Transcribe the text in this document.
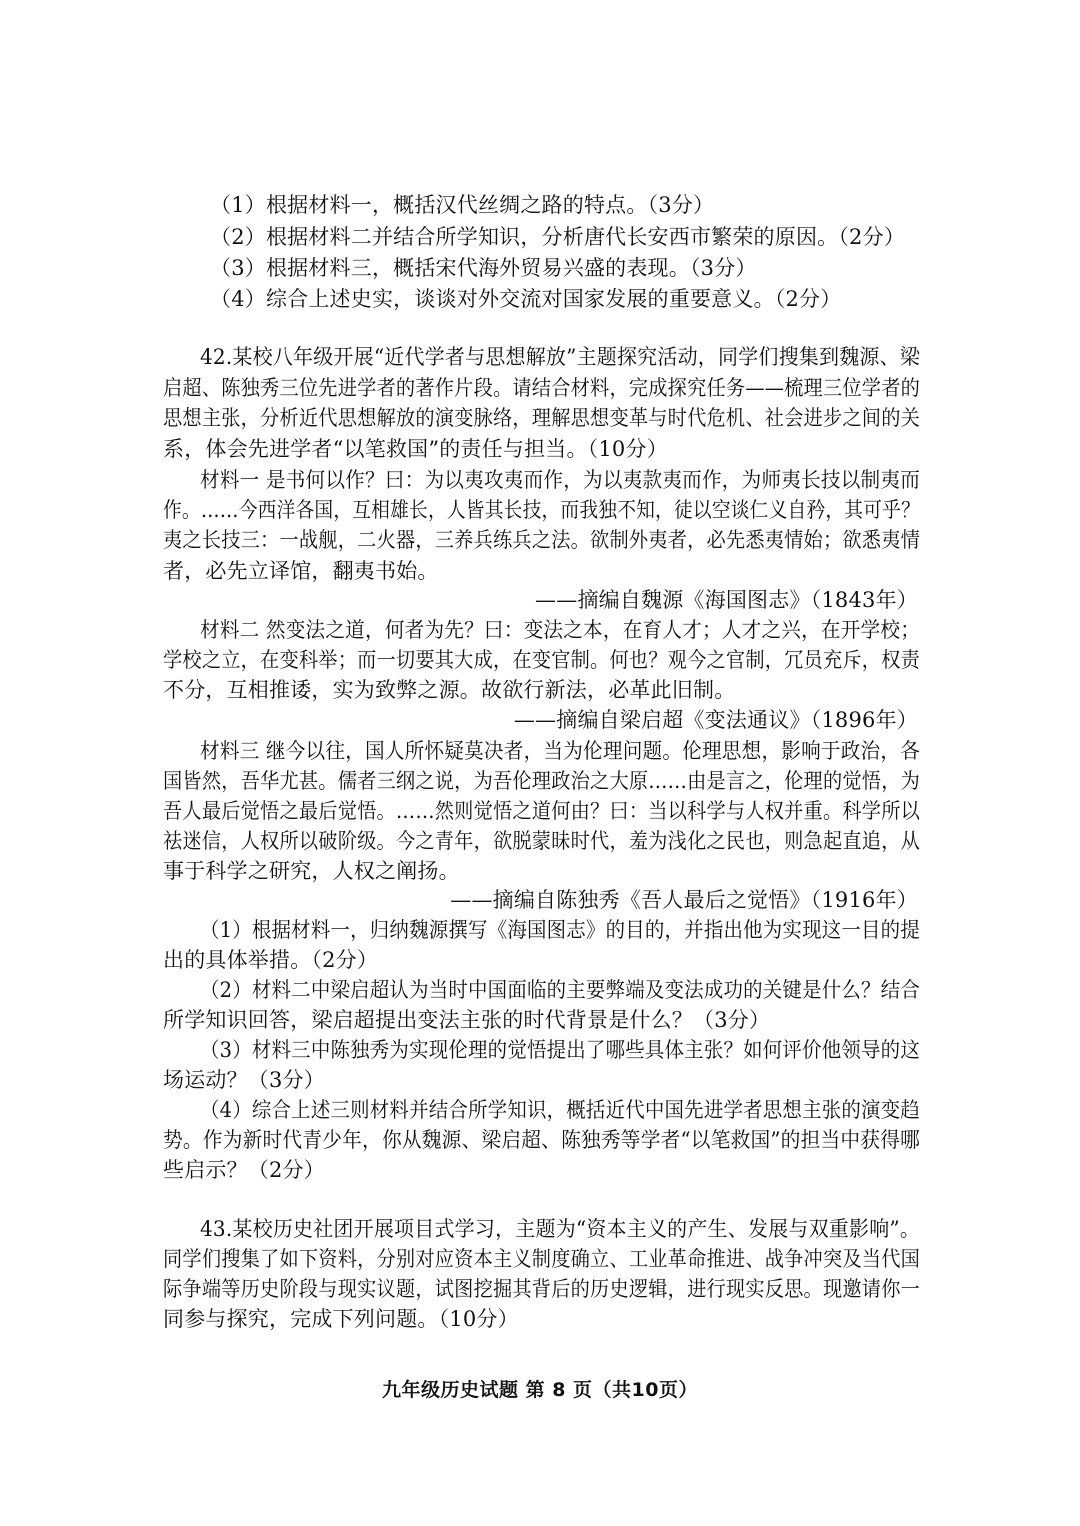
（1）根据材料一，概括汉代丝绸之路的特点。（3分）
（2）根据材料二并结合所学知识，分析唐代长安西市繁荣的原因。（2分）
（3）根据材料三，概括宋代海外贸易兴盛的表现。（3分）
（4）综合上述史实，谈谈对外交流对国家发展的重要意义。（2分）
42.某校八年级开展“近代学者与思想解放”主题探究活动，同学们搜集到魏源、梁
启超、陈独秀三位先进学者的著作片段。请结合材料，完成探究任务——梳理三位学者的
思想主张，分析近代思想解放的演变脉络，理解思想变革与时代危机、社会进步之间的关
系，体会先进学者“以笔救国”的责任与担当。（10分）
材料一 是书何以作？曰：为以夷攻夷而作，为以夷款夷而作，为师夷长技以制夷而
作。……今西洋各国，互相雄长，人皆其长技，而我独不知，徒以空谈仁义自矜，其可乎？
夷之长技三：一战舰，二火器，三养兵练兵之法。欲制外夷者，必先悉夷情始；欲悉夷情
者，必先立译馆，翻夷书始。
——摘编自魏源《海国图志》（1843年）
材料二 然变法之道，何者为先？曰：变法之本，在育人才；人才之兴，在开学校；
学校之立，在变科举；而一切要其大成，在变官制。何也？观今之官制，冗员充斥，权责
不分，互相推诿，实为致弊之源。故欲行新法，必革此旧制。
——摘编自梁启超《变法通议》（1896年）
材料三 继今以往，国人所怀疑莫决者，当为伦理问题。伦理思想，影响于政治，各
国皆然，吾华尤甚。儒者三纲之说，为吾伦理政治之大原……由是言之，伦理的觉悟，为
吾人最后觉悟之最后觉悟。……然则觉悟之道何由？曰：当以科学与人权并重。科学所以
祛迷信，人权所以破阶级。今之青年，欲脱蒙昧时代，羞为浅化之民也，则急起直追，从
事于科学之研究，人权之阐扬。
——摘编自陈独秀《吾人最后之觉悟》（1916年）
（1）根据材料一，归纳魏源撰写《海国图志》的目的，并指出他为实现这一目的提
出的具体举措。（2分）
（2）材料二中梁启超认为当时中国面临的主要弊端及变法成功的关键是什么？结合
所学知识回答，梁启超提出变法主张的时代背景是什么？（3分）
（3）材料三中陈独秀为实现伦理的觉悟提出了哪些具体主张？如何评价他领导的这
场运动？（3分）
（4）综合上述三则材料并结合所学知识，概括近代中国先进学者思想主张的演变趋
势。作为新时代青少年，你从魏源、梁启超、陈独秀等学者“以笔救国”的担当中获得哪
些启示？（2分）
43.某校历史社团开展项目式学习，主题为“资本主义的产生、发展与双重影响”。
同学们搜集了如下资料，分别对应资本主义制度确立、工业革命推进、战争冲突及当代国
际争端等历史阶段与现实议题，试图挖掘其背后的历史逻辑，进行现实反思。现邀请你一
同参与探究，完成下列问题。（10分）
九年级历史试题 第 8 页（共10页）
